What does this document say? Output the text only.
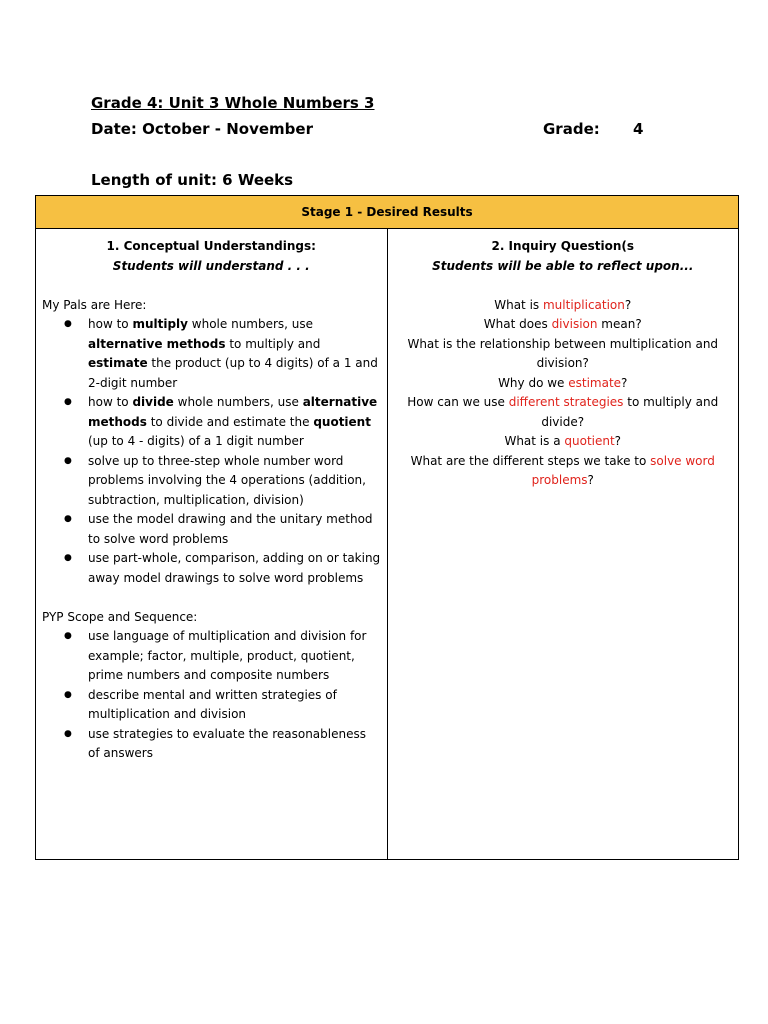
Grade 4: Unit 3 Whole Numbers 3
Date: October - November	Grade: 4
Length of unit: 6 Weeks
Stage 1 - Desired Results

1. Conceptual Understandings:
Students will understand . . .
My Pals are Here:
● how to multiply whole numbers, use alternative methods to multiply and estimate the product (up to 4 digits) of a 1 and 2-digit number
● how to divide whole numbers, use alternative methods to divide and estimate the quotient (up to 4 - digits) of a 1 digit number
● solve up to three-step whole number word problems involving the 4 operations (addition, subtraction, multiplication, division)
● use the model drawing and the unitary method to solve word problems
● use part-whole, comparison, adding on or taking away model drawings to solve word problems
PYP Scope and Sequence:
● use language of multiplication and division for example; factor, multiple, product, quotient, prime numbers and composite numbers
● describe mental and written strategies of multiplication and division
● use strategies to evaluate the reasonableness of answers

2. Inquiry Question(s
Students will be able to reflect upon...

What is multiplication?

What does division mean?

What is the relationship between multiplication and division?

Why do we estimate?

How can we use different strategies to multiply and divide?

What is a quotient?

What are the different steps we take to solve word problems?
